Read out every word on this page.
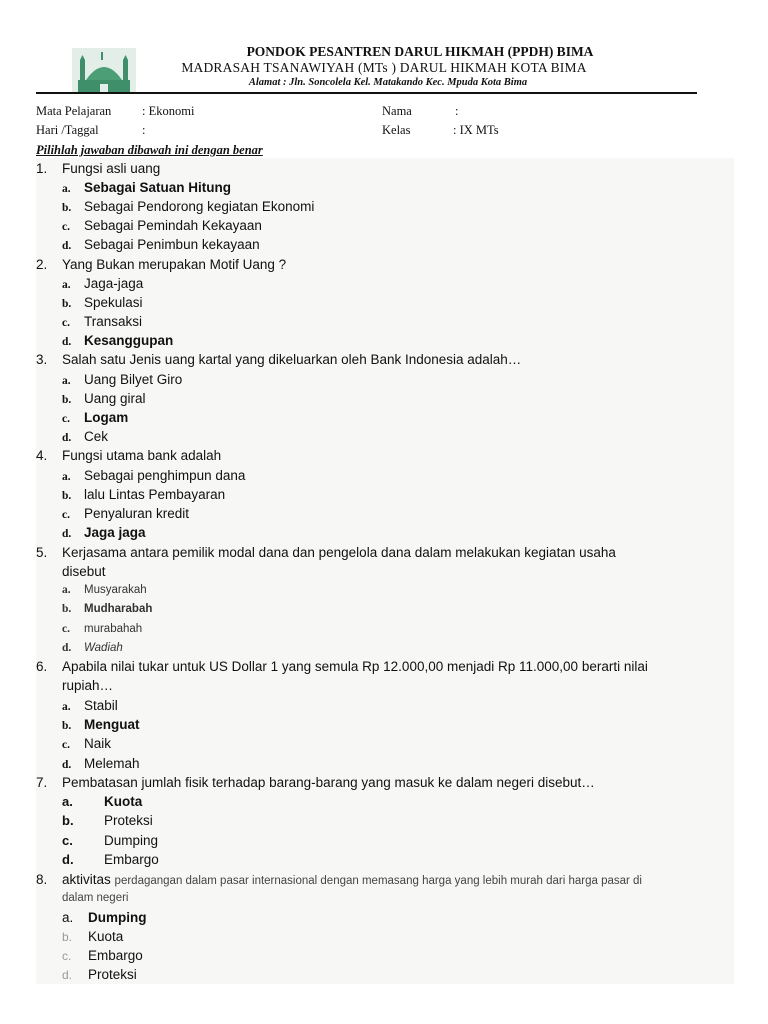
PONDOK PESANTREN DARUL HIKMAH (PPDH) BIMA
MADRASAH TSANAWIYAH (MTs ) DARUL HIKMAH KOTA BIMA
Alamat : Jln. Soncolela Kel. Matakando Kec. Mpuda Kota Bima
Mata Pelajaran : Ekonomi
Hari /Taggal	:
Nama	:
Kelas	: IX MTs
Pilihlah jawaban dibawah ini dengan benar
1. Fungsi asli uang
a. Sebagai Satuan Hitung
b. Sebagai Pendorong kegiatan Ekonomi
c. Sebagai Pemindah Kekayaan
d. Sebagai Penimbun kekayaan
2. Yang Bukan merupakan Motif Uang ?
a. Jaga-jaga
b. Spekulasi
c. Transaksi
d. Kesanggupan
3. Salah satu Jenis uang kartal yang dikeluarkan oleh Bank Indonesia adalah…
a. Uang Bilyet Giro
b. Uang giral
c. Logam
d. Cek
4. Fungsi utama bank adalah
a. Sebagai penghimpun dana
b. lalu Lintas Pembayaran
c. Penyaluran kredit
d. Jaga jaga
5. Kerjasama antara pemilik modal dana dan pengelola dana dalam melakukan kegiatan usaha
disebut
a. Musyarakah
b. Mudharabah
c. murabahah
d. Wadiah
6. Apabila nilai tukar untuk US Dollar 1 yang semula Rp 12.000,00 menjadi Rp 11.000,00 berarti nilai
rupiah…
a. Stabil
b. Menguat
c. Naik
d. Melemah
7. Pembatasan jumlah fisik terhadap barang-barang yang masuk ke dalam negeri disebut…
a. Kuota
b. Proteksi
c. Dumping
d. Embargo
8. aktivitas perdagangan dalam pasar internasional dengan memasang harga yang lebih murah dari harga pasar di
dalam negeri
a. Dumping
b. Kuota
c. Embargo
d. Proteksi
